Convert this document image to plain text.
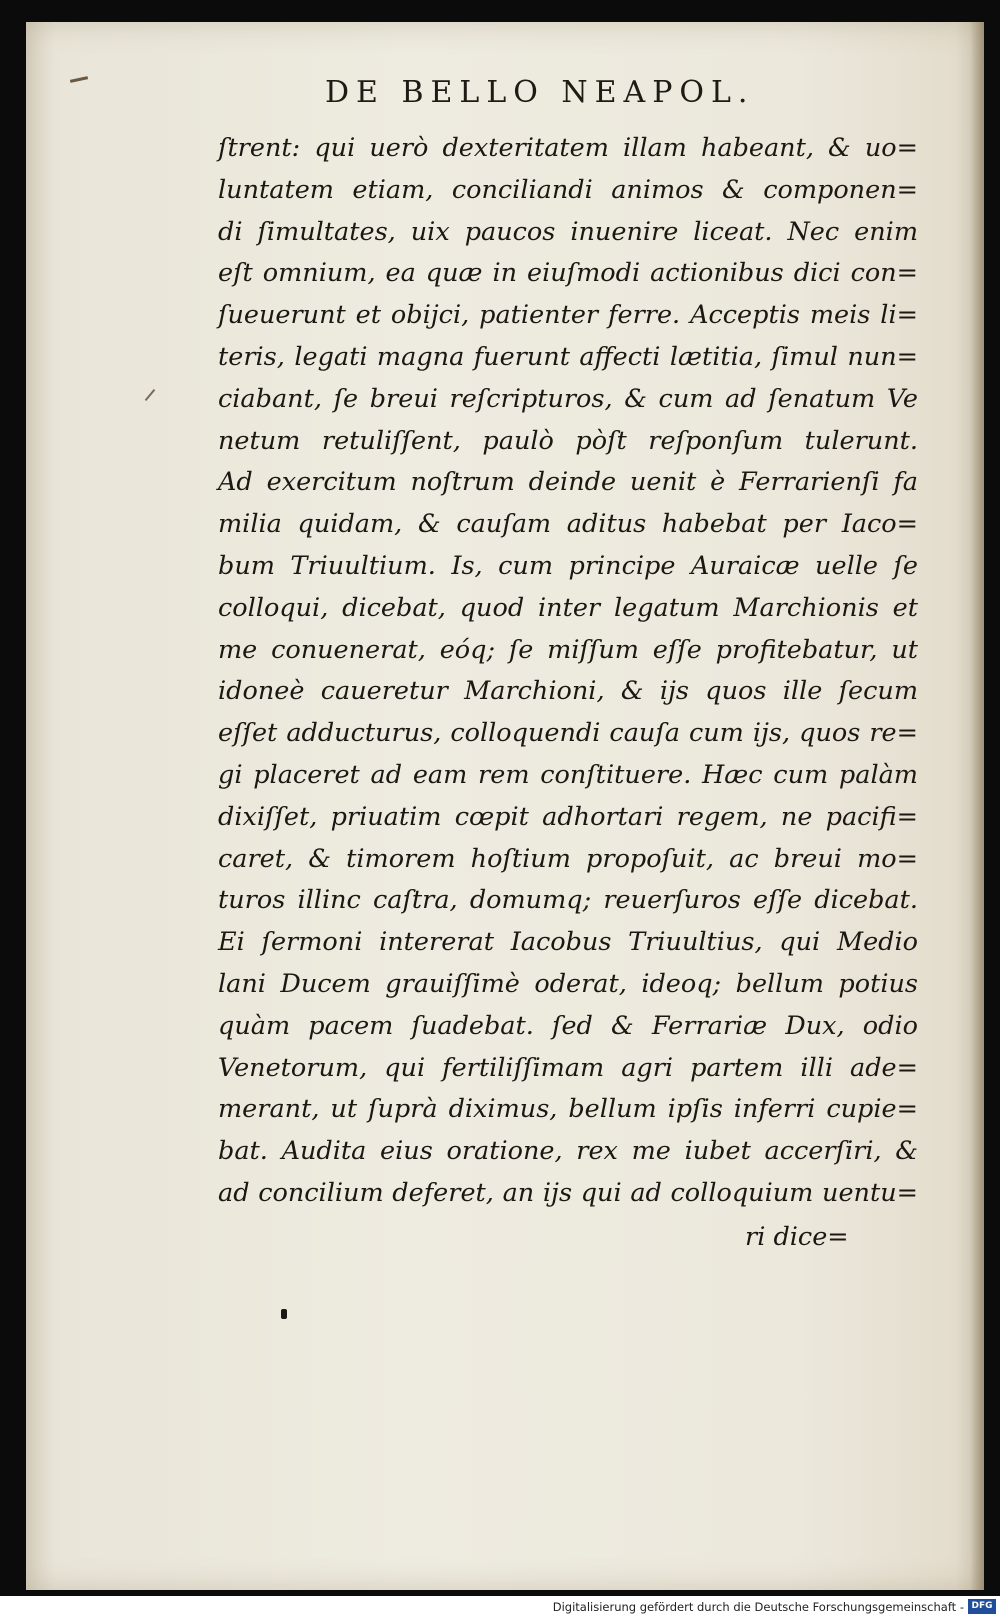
DE BELLO NEAPOL.
ſtrent: qui uerò dexteritatem illam habeant, & uo=
luntatem etiam, conciliandi animos & componen=
di ſimultates, uix paucos inuenire liceat. Nec enim
eſt omnium, ea quæ in eiuſmodi actionibus dici con=
ſueuerunt et obijci, patienter ferre. Acceptis meis li=
teris, legati magna fuerunt affecti lætitia, ſimul nun=
ciabant, ſe breui reſcripturos, & cum ad ſenatum Ve
netum retuliſſent, paulò pòſt reſponſum tulerunt.
Ad exercitum noſtrum deinde uenit è Ferrarienſi fa
milia quidam, & cauſam aditus habebat per Iaco=
bum Triuultium. Is, cum principe Auraicæ uelle ſe
colloqui, dicebat, quod inter legatum Marchionis et
me conuenerat, eóq; ſe miſſum eſſe profitebatur, ut
idoneè caueretur Marchioni, & ijs quos ille ſecum
eſſet adducturus, colloquendi cauſa cum ijs, quos re=
gi placeret ad eam rem conſtituere. Hæc cum palàm
dixiſſet, priuatim cœpit adhortari regem, ne pacifi=
caret, & timorem hoſtium propoſuit, ac breui mo=
turos illinc caſtra, domumq; reuerſuros eſſe dicebat.
Ei ſermoni intererat Iacobus Triuultius, qui Medio
lani Ducem grauiſſimè oderat, ideoq; bellum potius
quàm pacem ſuadebat. ſed & Ferrariæ Dux, odio
Venetorum, qui fertiliſſimam agri partem illi ade=
merant, ut ſuprà diximus, bellum ipſis inferri cupie=
bat. Audita eius oratione, rex me iubet accerſiri, &
ad concilium deferet, an ijs qui ad colloquium uentu=
ri dice=
Digitalisierung gefördert durch die Deutsche Forschungsgemeinschaft - DFG
